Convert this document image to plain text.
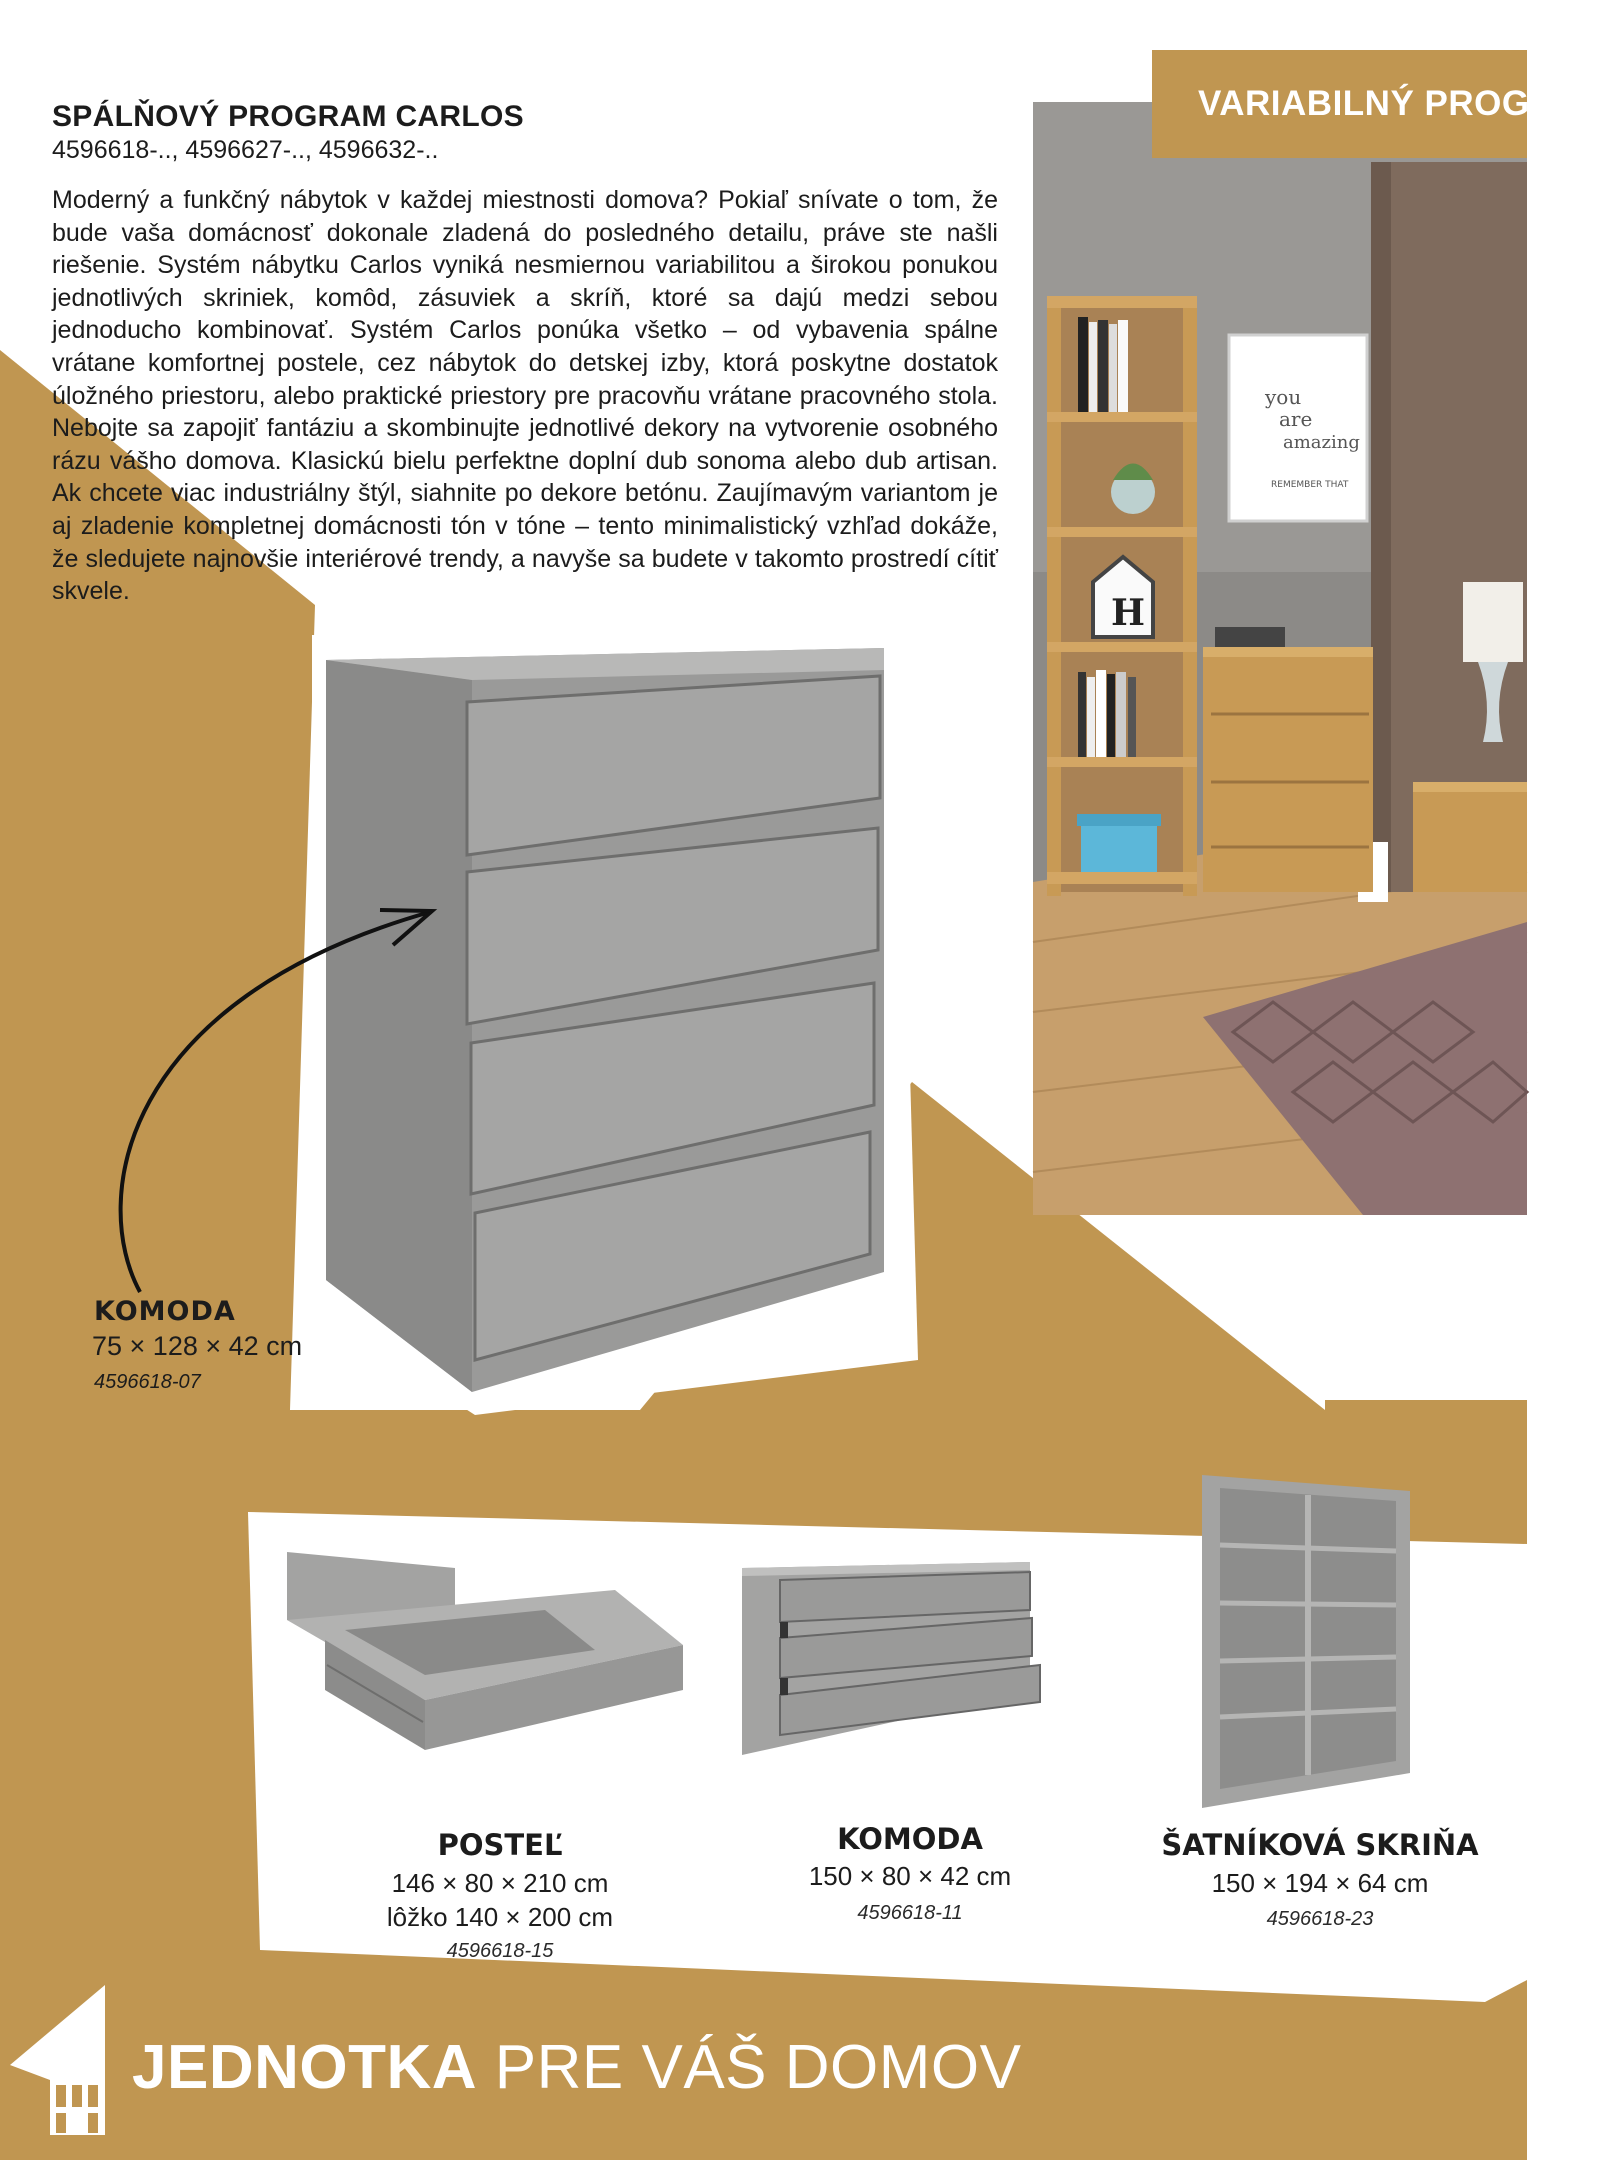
SPÁLŇOVÝ PROGRAM CARLOS
4596618-.., 4596627-.., 4596632-..

Moderný a funkčný nábytok v každej miestnosti domova? Pokiaľ snívate o tom, že bude vaša domácnosť dokonale zladená do posledného detailu, práve ste našli riešenie. Systém nábytku Carlos vyniká nesmiernou variabilitou a širokou ponukou jednotlivých skriniek, komôd, zásuviek a skríň, ktoré sa dajú medzi sebou jednoducho kombinovať. Systém Carlos ponúka všetko – od vybavenia spálne vrátane komfortnej postele, cez nábytok do detskej izby, ktorá poskytne dostatok úložného priestoru, alebo praktické priestory pre pracovňu vrátane pracovného stola. Nebojte sa zapojiť fantáziu a skombinujte jednotlivé dekory na vytvorenie osobného rázu vášho domova. Klasickú bielu perfektne doplní dub sonoma alebo dub artisan. Ak chcete viac industriálny štýl, siahnite po dekore betónu. Zaujímavým variantom je aj zladenie kompletnej domácnosti tón v tóne – tento minimalistický vzhľad dokáže, že sledujete najnovšie interiérové trendy, a navyše sa budete v takomto prostredí cítiť skvele.

you
are
amazing
REMEMBER THAT
H
VARIABILNÝ PROGRAM
KOMODA
75 × 128 × 42 cm
4596618-07
POSTEĽ
146 × 80 × 210 cm
lôžko 140 × 200 cm
4596618-15
KOMODA
150 × 80 × 42 cm
4596618-11
ŠATNÍKOVÁ SKRIŇA
150 × 194 × 64 cm
4596618-23
JEDNOTKA PRE VÁŠ DOMOV
